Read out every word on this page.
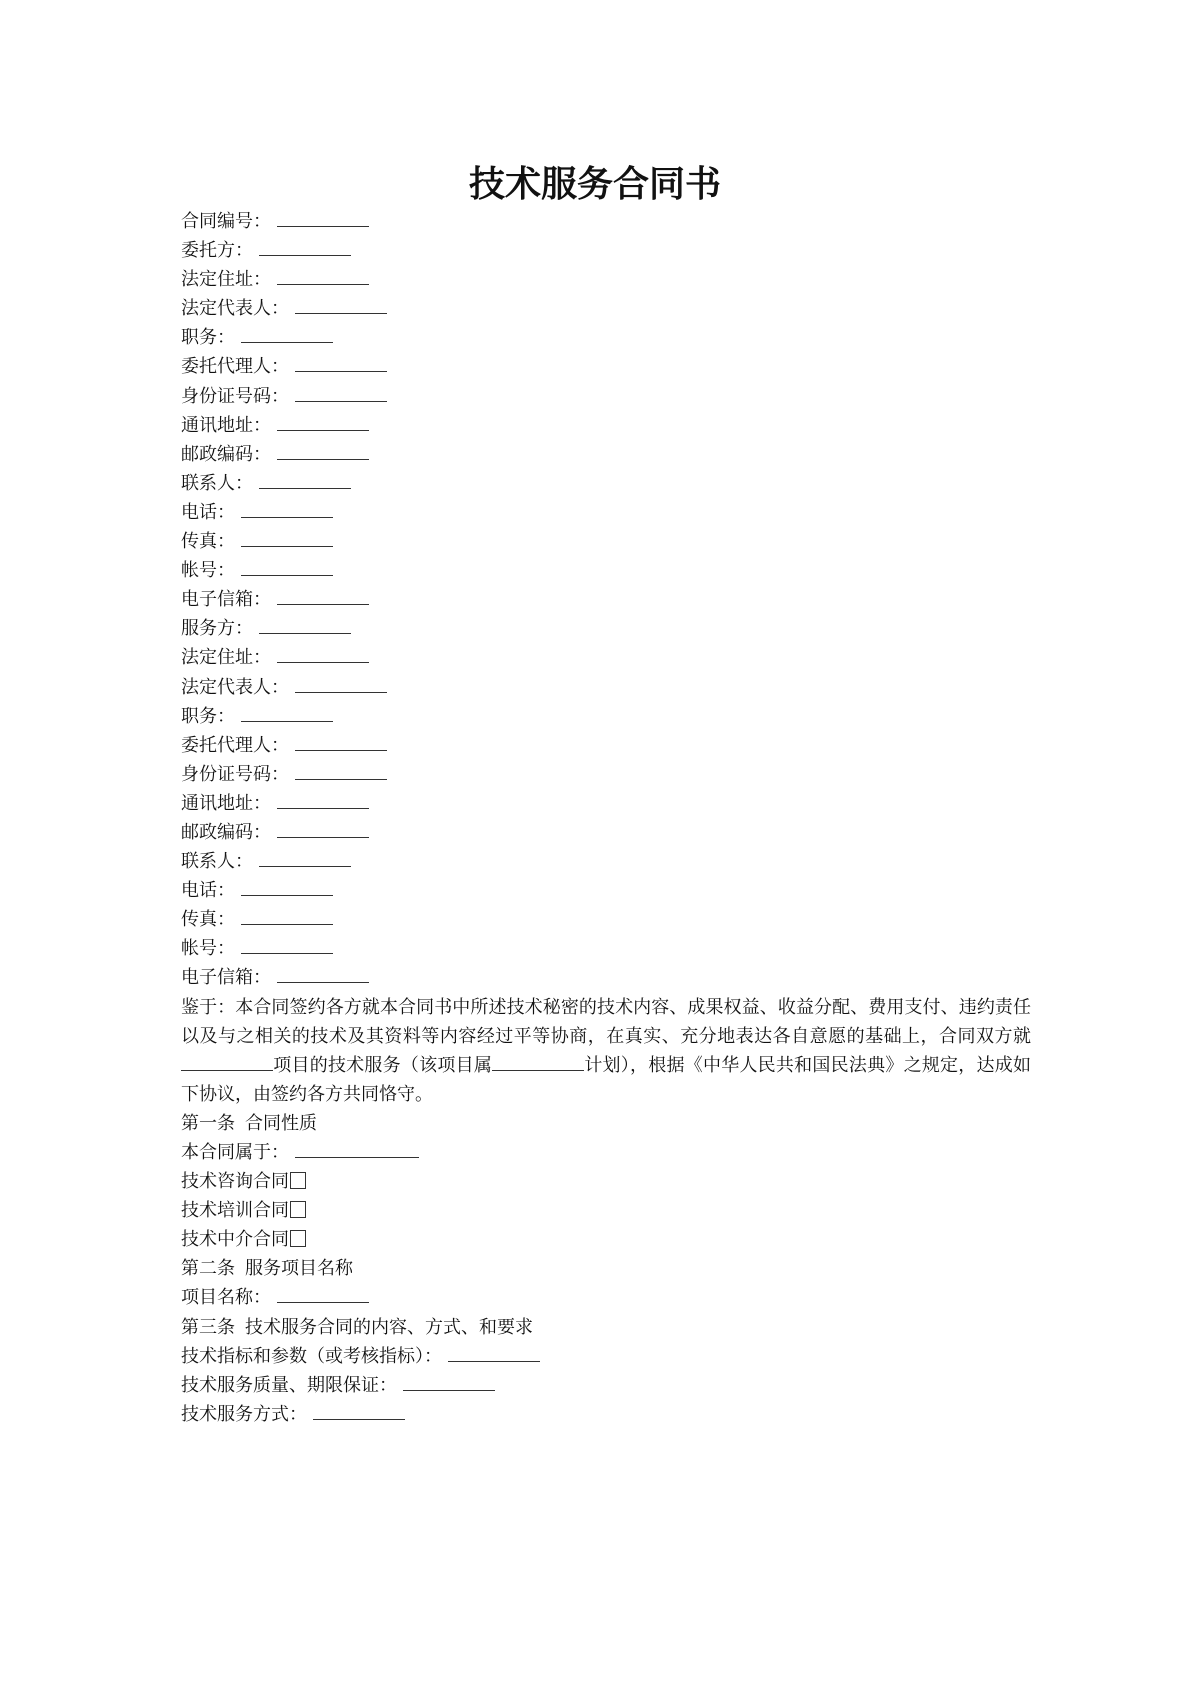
技术服务合同书
合同编号：
委托方：
法定住址：
法定代表人：
职务：
委托代理人：
身份证号码：
通讯地址：
邮政编码：
联系人：
电话：
传真：
帐号：
电子信箱：
服务方：
法定住址：
法定代表人：
职务：
委托代理人：
身份证号码：
通讯地址：
邮政编码：
联系人：
电话：
传真：
帐号：
电子信箱：
鉴于：本合同签约各方就本合同书中所述技术秘密的技术内容、成果权益、收益分配、费用支付、违约责任以及与之相关的技术及其资料等内容经过平等协商，在真实、充分地表达各自意愿的基础上，合同双方就项目的技术服务（该项目属	计划），根据《中华人民共和国民法典》之规定，达成如下协议，由签约各方共同恪守。
第一条 合同性质
本合同属于：
技术咨询合同
技术培训合同
技术中介合同
第二条 服务项目名称
项目名称：
第三条 技术服务合同的内容、方式、和要求
技术指标和参数（或考核指标）：
技术服务质量、期限保证：
技术服务方式：
